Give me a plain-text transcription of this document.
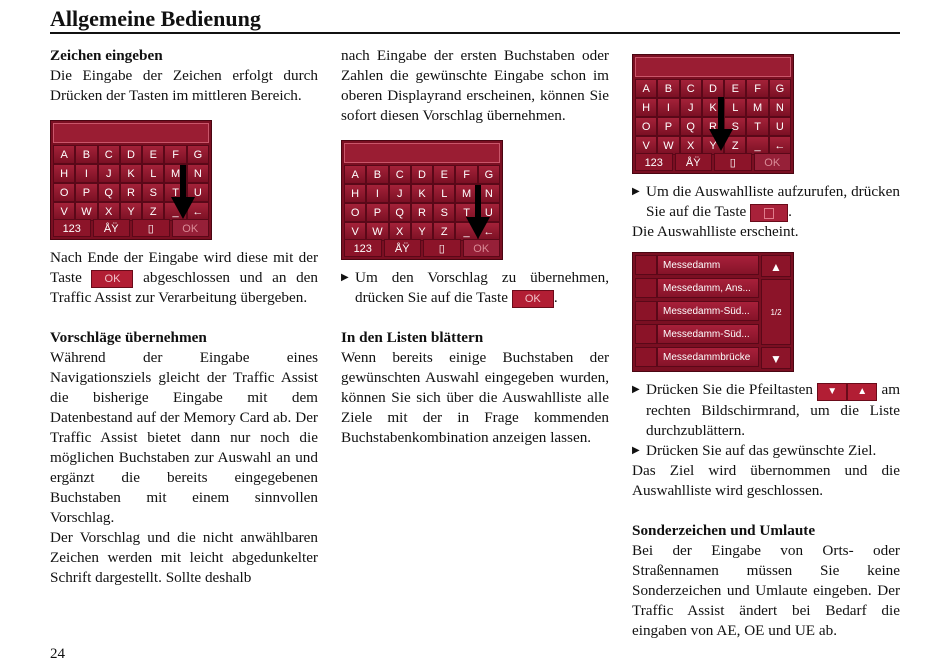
Allgemeine Bedienung

Zeichen eingeben

Die Eingabe der Zeichen erfolgt durch Drücken der Tasten im mittleren Bereich.

A	B	C	D	E	F	G
H	I	J	K	L	M	N
O	P	Q	R	S	T	U
V	W	X	Y	Z	_	←
123	ÅŸ	▯	OK

Nach Ende der Eingabe wird diese mit der Taste OK abgeschlossen und an den Traffic Assist zur Verarbeitung übergeben.

Vorschläge übernehmen

Während der Eingabe eines Navigationsziels gleicht der Traffic Assist die bisherige Eingabe mit dem Datenbestand auf der Memory Card ab. Der Traffic Assist bietet dann nur noch die möglichen Buchstaben zur Auswahl an und ergänzt die bereits eingegebenen Buchstaben mit einem sinnvollen Vorschlag.

Der Vorschlag und die nicht anwählbaren Zeichen werden mit leicht abgedunkelter Schrift dargestellt. Sollte deshalb

nach Eingabe der ersten Buchstaben oder Zahlen die gewünschte Eingabe schon im oberen Displayrand erscheinen, können Sie sofort diesen Vorschlag übernehmen.

A	B	C	D	E	F	G
H	I	J	K	L	M	N
O	P	Q	R	S	T	U
V	W	X	Y	Z	_	←
123	ÅŸ	▯	OK

▶ Um den Vorschlag zu übernehmen, drücken Sie auf die Taste OK .

In den Listen blättern

Wenn bereits einige Buchstaben der gewünschten Auswahl eingegeben wurden, können Sie sich über die Auswahlliste alle Ziele mit der in Frage kommenden Buchstabenkombination anzeigen lassen.

A	B	C	D	E	F	G
H	I	J	K	L	M	N
O	P	Q	R	S	T	U
V	W	X	Y	Z	_	←
123	ÅŸ	▯	OK

▶ Um die Auswahlliste aufzurufen, drücken Sie auf die Taste	.

Die Auswahlliste erscheint.

Messedamm
Messedamm, Ans...
Messedamm-Süd...
Messedamm-Süd...
Messedammbrücke
▲
1/2
▼

▶ Drücken Sie die Pfeiltasten ▼ ▲ am rechten Bildschirmrand, um die Liste durchzublättern.

▶ Drücken Sie auf das gewünschte Ziel.

Das Ziel wird übernommen und die Auswahlliste wird geschlossen.

Sonderzeichen und Umlaute

Bei der Eingabe von Orts- oder Straßennamen müssen Sie keine Sonderzeichen und Umlaute eingeben. Der Traffic Assist ändert bei Bedarf die eingaben von AE, OE und UE ab.

24
